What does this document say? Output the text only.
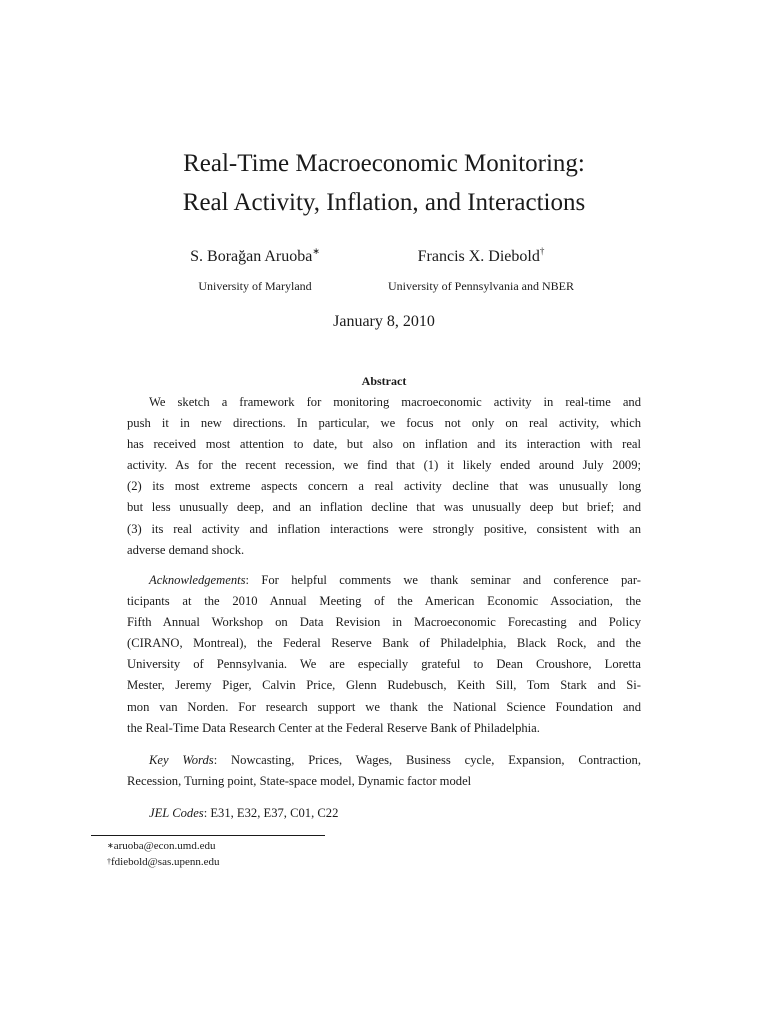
Real-Time Macroeconomic Monitoring:
Real Activity, Inflation, and Interactions
S. Borağan Aruoba∗
University of Maryland
Francis X. Diebold†
University of Pennsylvania and NBER
January 8, 2010
Abstract
We sketch a framework for monitoring macroeconomic activity in real-time and
push it in new directions. In particular, we focus not only on real activity, which
has received most attention to date, but also on inflation and its interaction with real
activity. As for the recent recession, we find that (1) it likely ended around July 2009;
(2) its most extreme aspects concern a real activity decline that was unusually long
but less unusually deep, and an inflation decline that was unusually deep but brief; and
(3) its real activity and inflation interactions were strongly positive, consistent with an
adverse demand shock.
Acknowledgements: For helpful comments we thank seminar and conference par-
ticipants at the 2010 Annual Meeting of the American Economic Association, the
Fifth Annual Workshop on Data Revision in Macroeconomic Forecasting and Policy
(CIRANO, Montreal), the Federal Reserve Bank of Philadelphia, Black Rock, and the
University of Pennsylvania. We are especially grateful to Dean Croushore, Loretta
Mester, Jeremy Piger, Calvin Price, Glenn Rudebusch, Keith Sill, Tom Stark and Si-
mon van Norden. For research support we thank the National Science Foundation and
the Real-Time Data Research Center at the Federal Reserve Bank of Philadelphia.
Key Words: Nowcasting, Prices, Wages, Business cycle, Expansion, Contraction,
Recession, Turning point, State-space model, Dynamic factor model
JEL Codes: E31, E32, E37, C01, C22
∗aruoba@econ.umd.edu
†fdiebold@sas.upenn.edu
